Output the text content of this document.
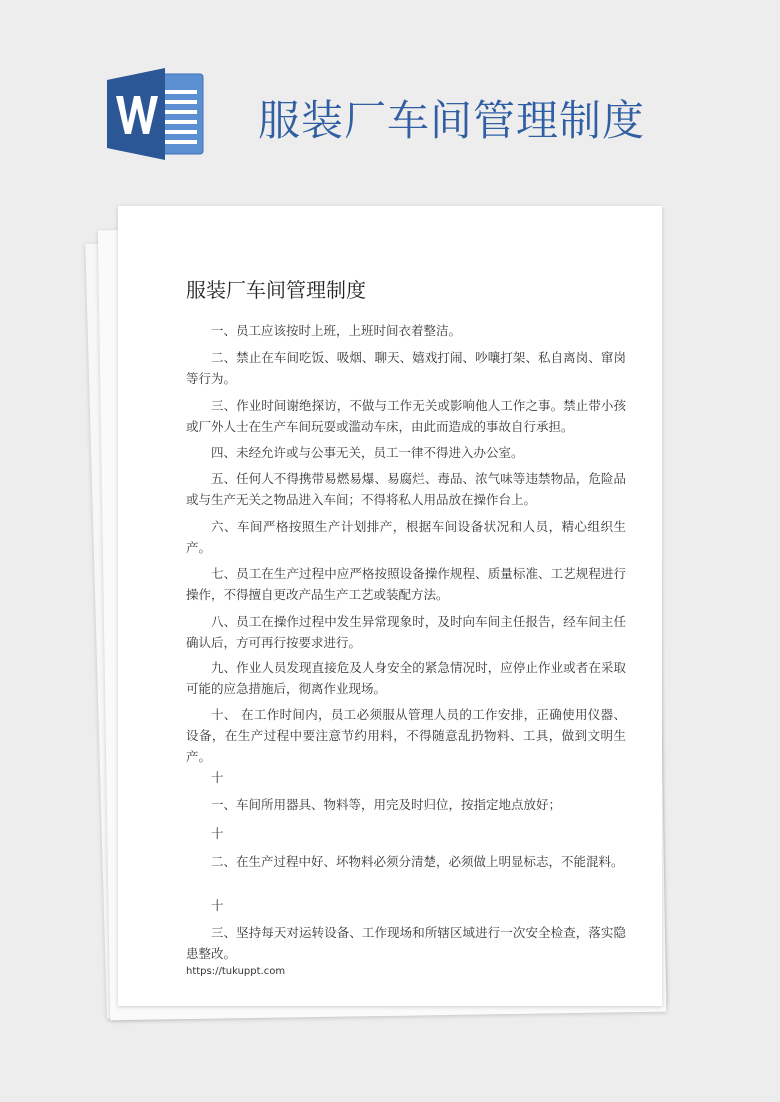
服装厂车间管理制度
服装厂车间管理制度
一、员工应该按时上班，上班时间衣着整洁。
二、禁止在车间吃饭、吸烟、聊天、嬉戏打闹、吵嚷打架、私自离岗、窜岗等行为。
三、作业时间谢绝探访，不做与工作无关或影响他人工作之事。禁止带小孩或厂外人士在生产车间玩耍或滥动车床，由此而造成的事故自行承担。
四、未经允许或与公事无关，员工一律不得进入办公室。
五、任何人不得携带易燃易爆、易腐烂、毒品、浓气味等违禁物品，危险品或与生产无关之物品进入车间；不得将私人用品放在操作台上。
六、车间严格按照生产计划排产，根据车间设备状况和人员，精心组织生产。
七、员工在生产过程中应严格按照设备操作规程、质量标准、工艺规程进行操作，不得擅自更改产品生产工艺或装配方法。
八、员工在操作过程中发生异常现象时，及时向车间主任报告，经车间主任确认后，方可再行按要求进行。
九、作业人员发现直接危及人身安全的紧急情况时，应停止作业或者在采取可能的应急措施后，彻离作业现场。
十、 在工作时间内，员工必须服从管理人员的工作安排，正确使用仪器、设备，在生产过程中要注意节约用料，不得随意乱扔物料、工具，做到文明生产。
十
一、车间所用器具、物料等，用完及时归位，按指定地点放好；
十
二、在生产过程中好、坏物料必须分清楚，必须做上明显标志，不能混料。
十
三、坚持每天对运转设备、工作现场和所辖区域进行一次安全检查，落实隐患整改。
https://tukuppt.com
